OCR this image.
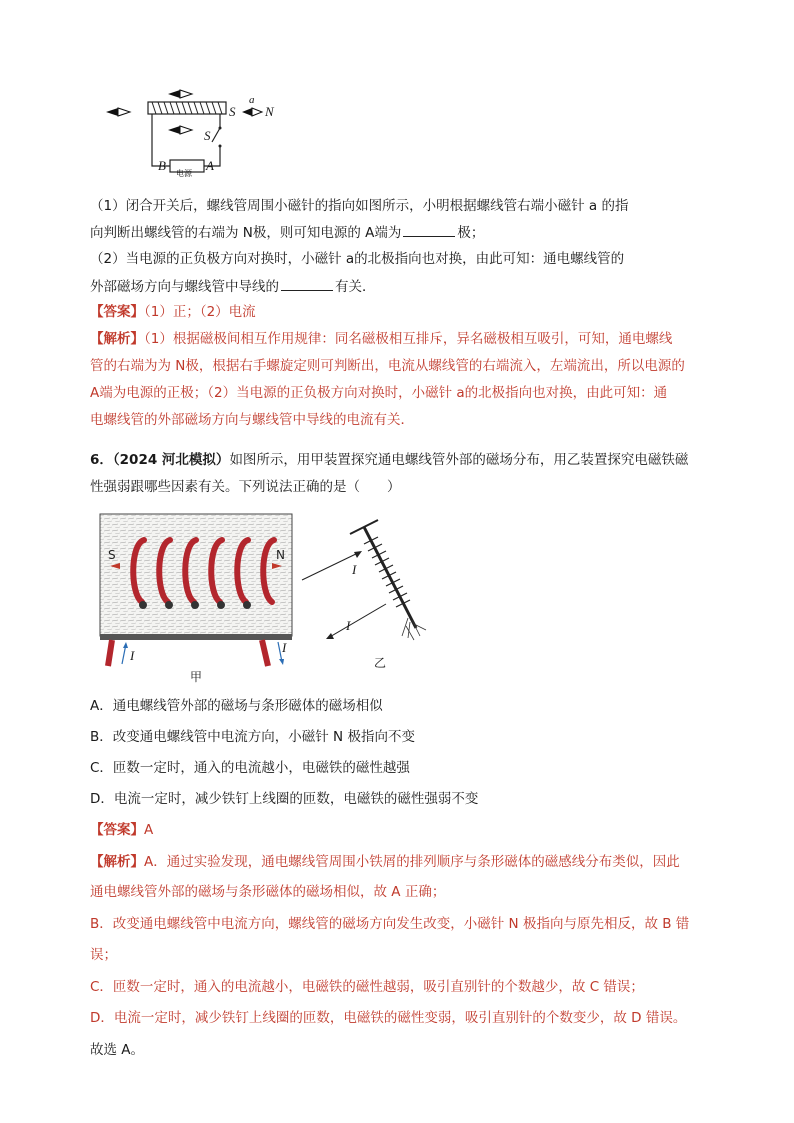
S
a
N
S
B	A
电源
（1）闭合开关后，螺线管周围小磁针的指向如图所示，小明根据螺线管右端小磁针 a 的指
向判断出螺线管的右端为 N极，则可知电源的 A端为	极；
（2）当电源的正负极方向对换时，小磁针 a的北极指向也对换，由此可知：通电螺线管的
外部磁场方向与螺线管中导线的	有关．
【答案】（1）正；（2）电流
【解析】（1）根据磁极间相互作用规律：同名磁极相互排斥，异名磁极相互吸引，可知，通电螺线
管的右端为为 N极，根据右手螺旋定则可判断出，电流从螺线管的右端流入，左端流出，所以电源的
A端为电源的正极；（2）当电源的正负极方向对换时，小磁针 a的北极指向也对换，由此可知：通
电螺线管的外部磁场方向与螺线管中导线的电流有关．
6．（2024 河北模拟）如图所示，用甲装置探究通电螺线管外部的磁场分布，用乙装置探究电磁铁磁
性强弱跟哪些因素有关。下列说法正确的是（　　）
S	N
I
I
甲
I
I
乙
A．通电螺线管外部的磁场与条形磁体的磁场相似
B．改变通电螺线管中电流方向，小磁针 N 极指向不变
C．匝数一定时，通入的电流越小，电磁铁的磁性越强
D．电流一定时，减少铁钉上线圈的匝数，电磁铁的磁性强弱不变
【答案】A
【解析】A．通过实验发现，通电螺线管周围小铁屑的排列顺序与条形磁体的磁感线分布类似，因此
通电螺线管外部的磁场与条形磁体的磁场相似，故 A 正确；
B．改变通电螺线管中电流方向，螺线管的磁场方向发生改变，小磁针 N 极指向与原先相反，故 B 错
误；
C．匝数一定时，通入的电流越小，电磁铁的磁性越弱，吸引直别针的个数越少，故 C 错误；
D．电流一定时，减少铁钉上线圈的匝数，电磁铁的磁性变弱，吸引直别针的个数变少，故 D 错误。
故选 A。
